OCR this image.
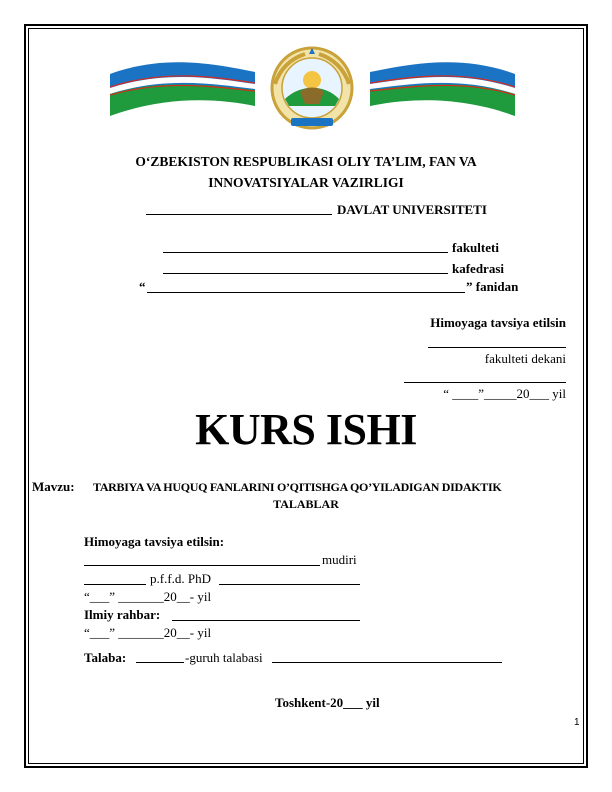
O‘ZBEKISTON RESPUBLIKASI OLIY TA’LIM, FAN VA
INNOVATSIYALAR VAZIRLIGI
DAVLAT UNIVERSITETI
fakulteti
kafedrasi
“	” fanidan
Himoyaga tavsiya etilsin
fakulteti dekani
“ ____”_____20___ yil
KURS ISHI
Mavzu: TARBIYA VA HUQUQ FANLARINI O’QITISHGA QO’YILADIGAN DIDAKTIK
TALABLAR
Himoyaga tavsiya etilsin:
mudiri
p.f.f.d. PhD
“___” _______20__- yil
Ilmiy rahbar:
“___” _______20__- yil
Talaba:	-guruh talabasi
Toshkent-20___ yil
1
